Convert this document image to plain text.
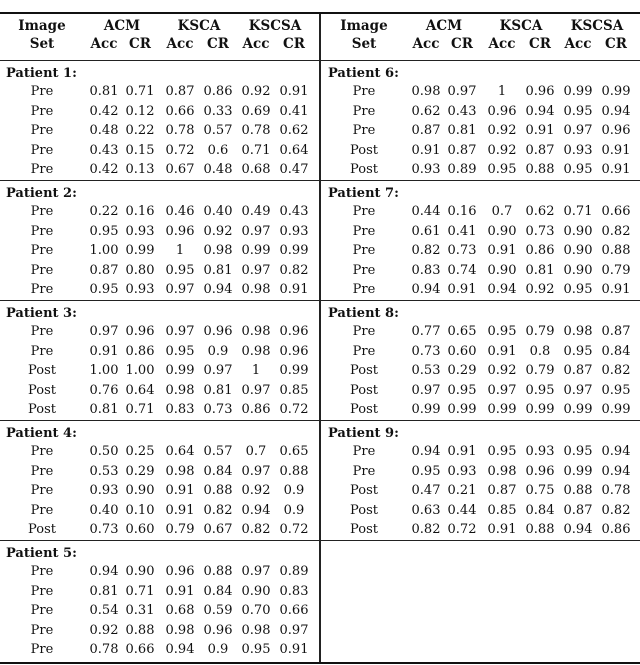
Image
Set
ACM	KSCA	KSCSA
Acc CR	Acc	CR	Acc	CR
Image
Set
ACM	KSCA	KSCSA
Acc CR	Acc	CR	Acc	CR
Patient 1:
Pre	0.81 0.71 0.87 0.86 0.92 0.91
Pre	0.42 0.12 0.66 0.33 0.69 0.41
Pre	0.48 0.22 0.78 0.57 0.78 0.62
Pre	0.43 0.15 0.72	0.6	0.71 0.64
Pre	0.42 0.13 0.67 0.48 0.68 0.47
Patient 2:
Pre	0.22 0.16 0.46 0.40 0.49 0.43
Pre	0.95 0.93 0.96 0.92 0.97 0.93
Pre	1.00 0.99	1	0.98 0.99 0.99
Pre	0.87 0.80 0.95 0.81 0.97 0.82
Pre	0.95 0.93 0.97 0.94 0.98 0.91
Patient 3:
Pre	0.97 0.96 0.97 0.96 0.98 0.96
Pre	0.91 0.86 0.95	0.9	0.98 0.96
Post	1.00 1.00 0.99 0.97	1	0.99
Post	0.76 0.64 0.98 0.81 0.97 0.85
Post	0.81 0.71 0.83 0.73 0.86 0.72
Patient 4:
Pre	0.50 0.25 0.64 0.57	0.7	0.65
Pre	0.53 0.29 0.98 0.84 0.97 0.88
Pre	0.93 0.90 0.91 0.88 0.92	0.9
Pre	0.40 0.10 0.91 0.82 0.94	0.9
Post	0.73 0.60 0.79 0.67 0.82 0.72
Patient 5:
Pre	0.94 0.90 0.96 0.88 0.97 0.89
Pre	0.81 0.71 0.91 0.84 0.90 0.83
Pre	0.54 0.31 0.68 0.59 0.70 0.66
Pre	0.92 0.88 0.98 0.96 0.98 0.97
Pre	0.78 0.66 0.94	0.9	0.95 0.91
Patient 6:
Pre	0.98 0.97	1	0.96 0.99 0.99
Pre	0.62 0.43 0.96 0.94 0.95 0.94
Pre	0.87 0.81 0.92 0.91 0.97 0.96
Post	0.91 0.87 0.92 0.87 0.93 0.91
Post	0.93 0.89 0.95 0.88 0.95 0.91
Patient 7:
Pre	0.44 0.16	0.7	0.62 0.71 0.66
Pre	0.61 0.41 0.90 0.73 0.90 0.82
Pre	0.82 0.73 0.91 0.86 0.90 0.88
Pre	0.83 0.74 0.90 0.81 0.90 0.79
Pre	0.94 0.91 0.94 0.92 0.95 0.91
Patient 8:
Pre	0.77 0.65 0.95 0.79 0.98 0.87
Pre	0.73 0.60 0.91	0.8	0.95 0.84
Post	0.53 0.29 0.92 0.79 0.87 0.82
Post	0.97 0.95 0.97 0.95 0.97 0.95
Post	0.99 0.99 0.99 0.99 0.99 0.99
Patient 9:
Pre	0.94 0.91 0.95 0.93 0.95 0.94
Pre	0.95 0.93 0.98 0.96 0.99 0.94
Post	0.47 0.21 0.87 0.75 0.88 0.78
Post	0.63 0.44 0.85 0.84 0.87 0.82
Post	0.82 0.72 0.91 0.88 0.94 0.86
